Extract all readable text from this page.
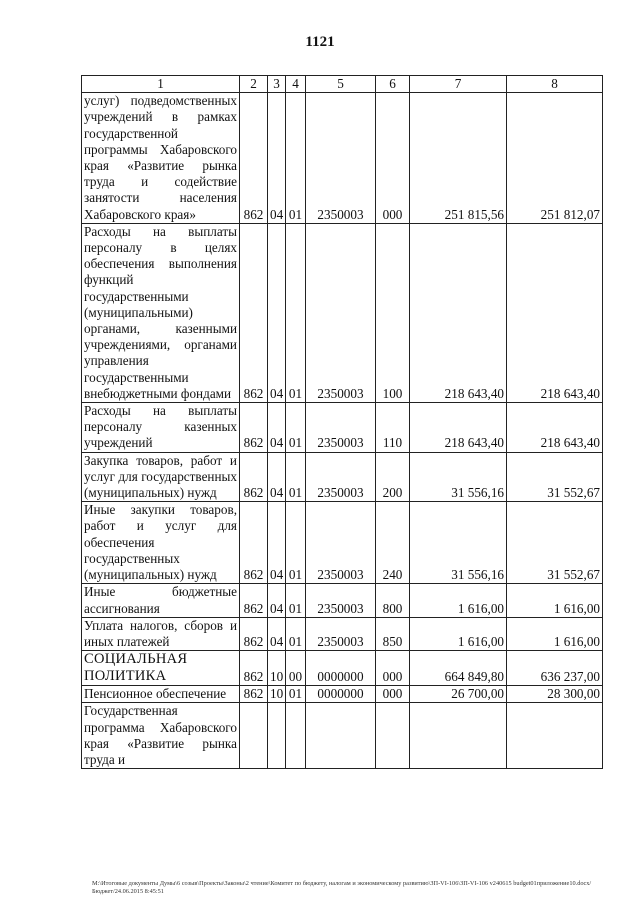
1121
1	2	3	4	5	6	7	8
услуг) подведомственных учреждений в рамках государственной программы Хабаровского края «Развитие рынка труда и содействие занятости населения Хабаровского края»	862	04	01	2350003	000	251 815,56	251 812,07
Расходы на выплаты персоналу в целях обеспечения выполнения функций государственными (муниципальными) органами, казенными учреждениями, органами управления государственными внебюджетными фондами	862	04	01	2350003	100	218 643,40	218 643,40
Расходы на выплаты персоналу казенных учреждений	862	04	01	2350003	110	218 643,40	218 643,40
Закупка товаров, работ и услуг для государственных (муниципальных) нужд	862	04	01	2350003	200	31 556,16	31 552,67
Иные закупки товаров, работ и услуг для обеспечения государственных (муниципальных) нужд	862	04	01	2350003	240	31 556,16	31 552,67
Иные бюджетные ассигнования	862	04	01	2350003	800	1 616,00	1 616,00
Уплата налогов, сборов и иных платежей	862	04	01	2350003	850	1 616,00	1 616,00
СОЦИАЛЬНАЯ ПОЛИТИКА	862	10	00	0000000	000	664 849,80	636 237,00
Пенсионное обеспечение	862	10	01	0000000	000	26 700,00	28 300,00
Государственная программа Хабаровского края «Развитие рынка труда и							
M:\Итоговые документы Думы\6 созыв\Проекты\Законы\2 чтение\Комитет по бюджету, налогам и экономическому развитию\ЗП-VI-106\ЗП-VI-106 v240615 budget01приложение10.docx/Бюджет/24.06.2015 8:45:51
